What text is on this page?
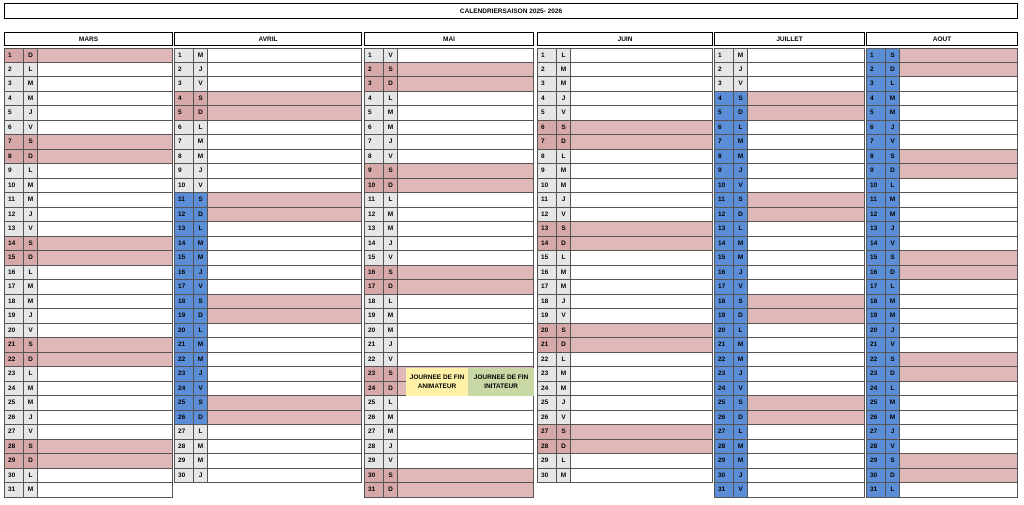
CALENDRIERSAISON 2025- 2026
MARS
1	D
2	L
3	M
4	M
5	J
6	V
7	S
8	D
9	L
10	M
11	M
12	J
13	V
14	S
15	D
16	L
17	M
18	M
19	J
20	V
21	S
22	D
23	L
24	M
25	M
26	J
27	V
28	S
29	D
30	L
31	M
AVRIL
1	M
2	J
3	V
4	S
5	D
6	L
7	M
8	M
9	J
10	V
11	S
12	D
13	L
14	M
15	M
16	J
17	V
18	S
19	D
20	L
21	M
22	M
23	J
24	V
25	S
26	D
27	L
28	M
29	M
30	J
MAI
1	V
2	S
3	D
4	L
5	M
6	M
7	J
8	V
9	S
10	D
11	L
12	M
13	M
14	J
15	V
16	S
17	D
18	L
19	M
20	M
21	J
22	V
23	S
24	D
25	L
26	M
27	M
28	J
29	V
30	S
31	D
JUIN
1	L
2	M
3	M
4	J
5	V
6	S
7	D
8	L
9	M
10	M
11	J
12	V
13	S
14	D
15	L
16	M
17	M
18	J
19	V
20	S
21	D
22	L
23	M
24	M
25	J
26	V
27	S
28	D
29	L
30	M
JUILLET
1	M
2	J
3	V
4	S
5	D
6	L
7	M
8	M
9	J
10	V
11	S
12	D
13	L
14	M
15	M
16	J
17	V
18	S
19	D
20	L
21	M
22	M
23	J
24	V
25	S
26	D
27	L
28	M
29	M
30	J
31	V
AOUT
1	S
2	D
3	L
4	M
5	M
6	J
7	V
8	S
9	D
10	L
11	M
12	M
13	J
14	V
15	S
16	D
17	L
18	M
19	M
20	J
21	V
22	S
23	D
24	L
25	M
26	M
27	J
28	V
29	S
30	D
31	L
JOURNEE DE FIN ANIMATEUR
JOURNEE DE FIN INITATEUR
